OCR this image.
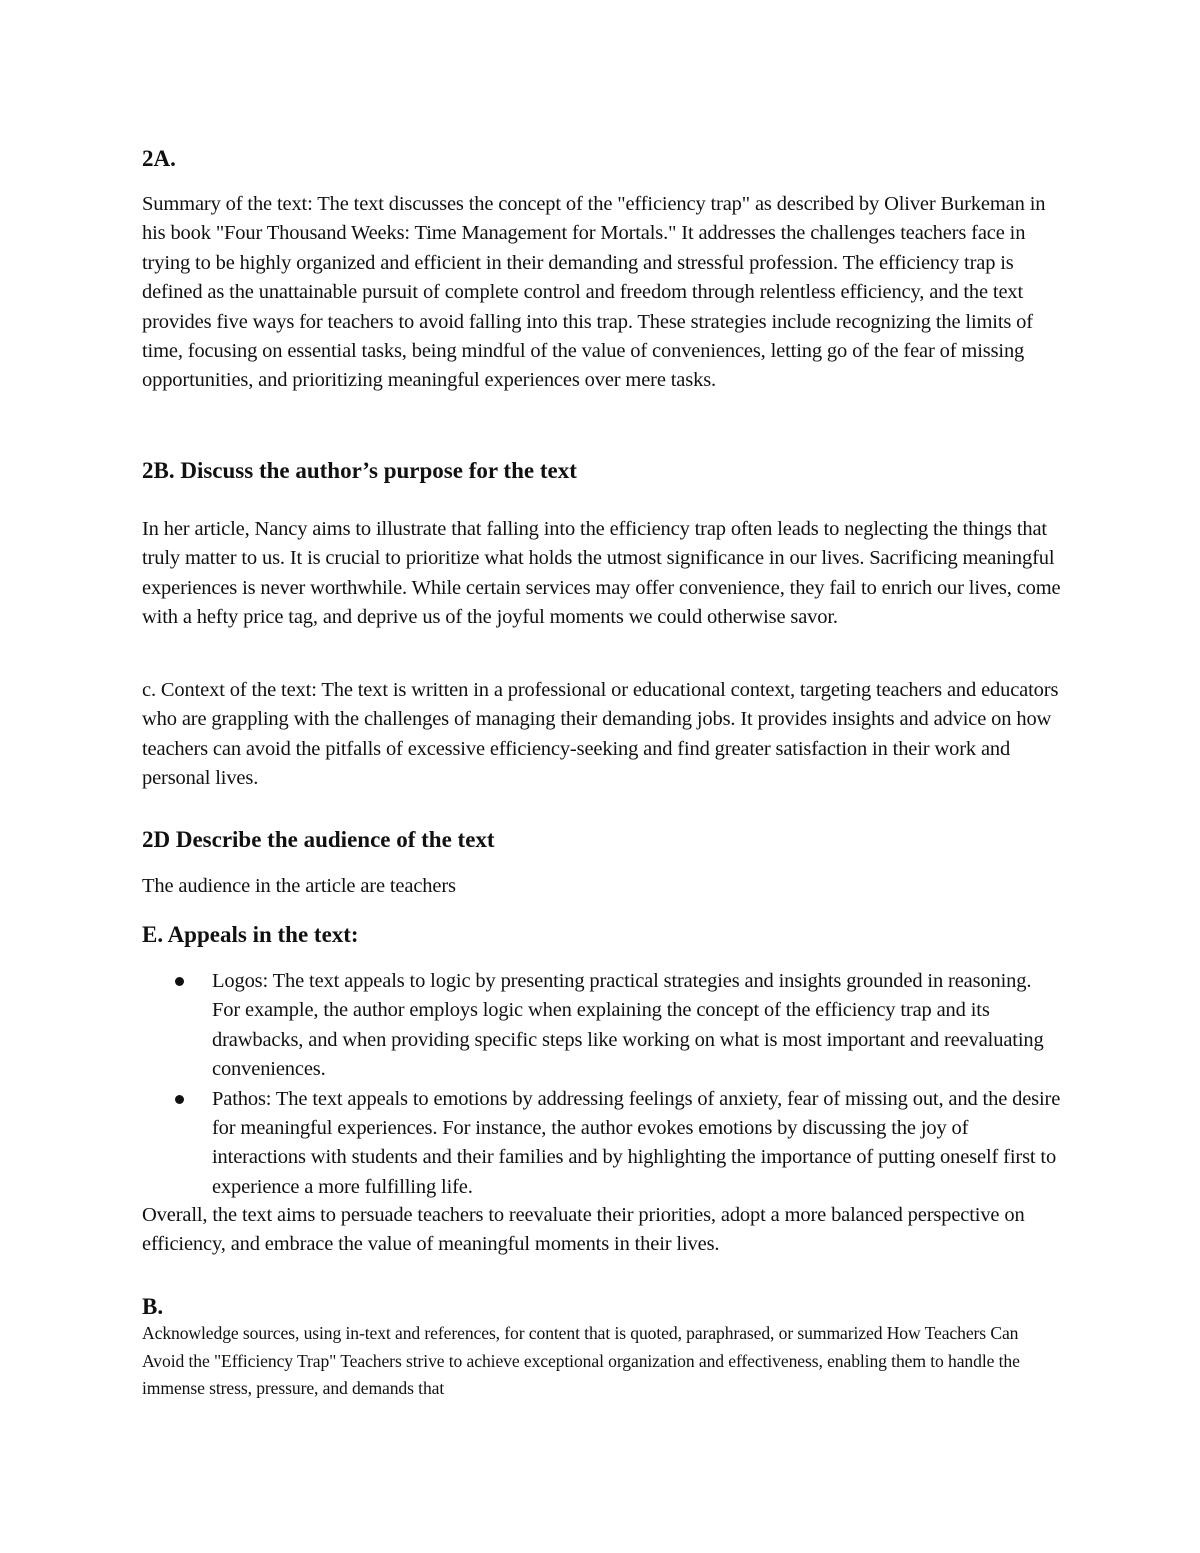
2A.
Summary of the text: The text discusses the concept of the "efficiency trap" as described by Oliver Burkeman in his book "Four Thousand Weeks: Time Management for Mortals." It addresses the challenges teachers face in trying to be highly organized and efficient in their demanding and stressful profession. The efficiency trap is defined as the unattainable pursuit of complete control and freedom through relentless efficiency, and the text provides five ways for teachers to avoid falling into this trap. These strategies include recognizing the limits of time, focusing on essential tasks, being mindful of the value of conveniences, letting go of the fear of missing opportunities, and prioritizing meaningful experiences over mere tasks.
2B. Discuss the author’s purpose for the text
In her article, Nancy aims to illustrate that falling into the efficiency trap often leads to neglecting the things that truly matter to us. It is crucial to prioritize what holds the utmost significance in our lives. Sacrificing meaningful experiences is never worthwhile. While certain services may offer convenience, they fail to enrich our lives, come with a hefty price tag, and deprive us of the joyful moments we could otherwise savor.
c. Context of the text: The text is written in a professional or educational context, targeting teachers and educators who are grappling with the challenges of managing their demanding jobs. It provides insights and advice on how teachers can avoid the pitfalls of excessive efficiency-seeking and find greater satisfaction in their work and personal lives.
2D Describe the audience of the text
The audience in the article are teachers
E. Appeals in the text:
Logos: The text appeals to logic by presenting practical strategies and insights grounded in reasoning. For example, the author employs logic when explaining the concept of the efficiency trap and its drawbacks, and when providing specific steps like working on what is most important and reevaluating conveniences.
Pathos: The text appeals to emotions by addressing feelings of anxiety, fear of missing out, and the desire for meaningful experiences. For instance, the author evokes emotions by discussing the joy of interactions with students and their families and by highlighting the importance of putting oneself first to experience a more fulfilling life.
Overall, the text aims to persuade teachers to reevaluate their priorities, adopt a more balanced perspective on efficiency, and embrace the value of meaningful moments in their lives.
B.
Acknowledge sources, using in-text and references, for content that is quoted, paraphrased, or summarized How Teachers Can Avoid the "Efficiency Trap" Teachers strive to achieve exceptional organization and effectiveness, enabling them to handle the immense stress, pressure, and demands that
